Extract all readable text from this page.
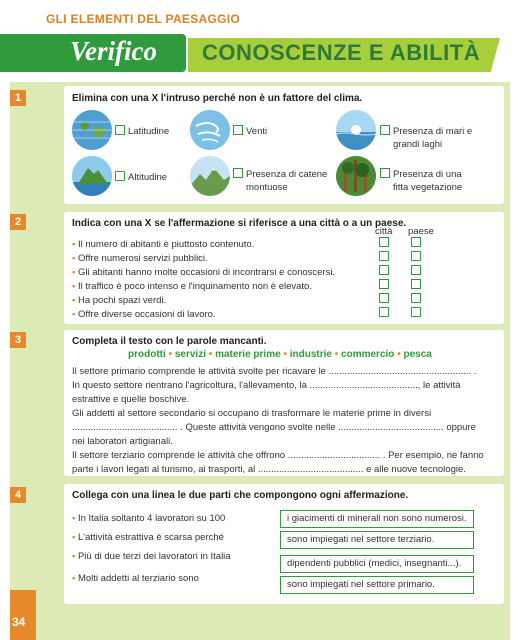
GLI ELEMENTI DEL PAESAGGIO
Verifico CONOSCENZE E ABILITÀ
1	Elimina con una X l'intruso perché non è un fattore del clima.
Latitudine	Venti	Presenza di mari e
grandi laghi
Altitudine	Presenza di catene
montuose
Presenza di una
fitta vegetazione
2	Indica con una X se l'affermazione si riferisce a una città o a un paese.
città paese
• Il numero di abitanti è piuttosto contenuto.
• Offre numerosi servizi pubblici.
• Gli abitanti hanno molte occasioni di incontrarsi e conoscersi.
• Il traffico è poco intenso e l'inquinamento non è elevato.
• Ha pochi spazi verdi.
• Offre diverse occasioni di lavoro.
3	Completa il testo con le parole mancanti.
prodotti • servizi • materie prime • industrie • commercio • pesca
Il settore primario comprende le attività svolte per ricavare le ...................................................... .
In questo settore rientrano l'agricoltura, l'allevamento, la ........................................., le attività
estrattive e quelle boschive.
Gli addetti al settore secondario si occupano di trasformare le materie prime in diversi
........................................ . Queste attività vengono svolte nelle ........................................ oppure
nei laboratori artigianali.
Il settore terziario comprende le attività che offrono ................................... . Per esempio, ne fanno
parte i lavori legati al turismo, ai trasporti, al ........................................ e alle nuove tecnologie.
4	Collega con una linea le due parti che compongono ogni affermazione.
• In Italia soltanto 4 lavoratori su 100
• L'attività estrattiva è scarsa perché
• Più di due terzi dei lavoratori in Italia
• Molti addetti al terziario sono
i giacimenti di minerali non sono numerosi.
sono impiegati nel settore terziario.
dipendenti pubblici (medici, insegnanti...).
sono impiegati nel settore primario.
34
